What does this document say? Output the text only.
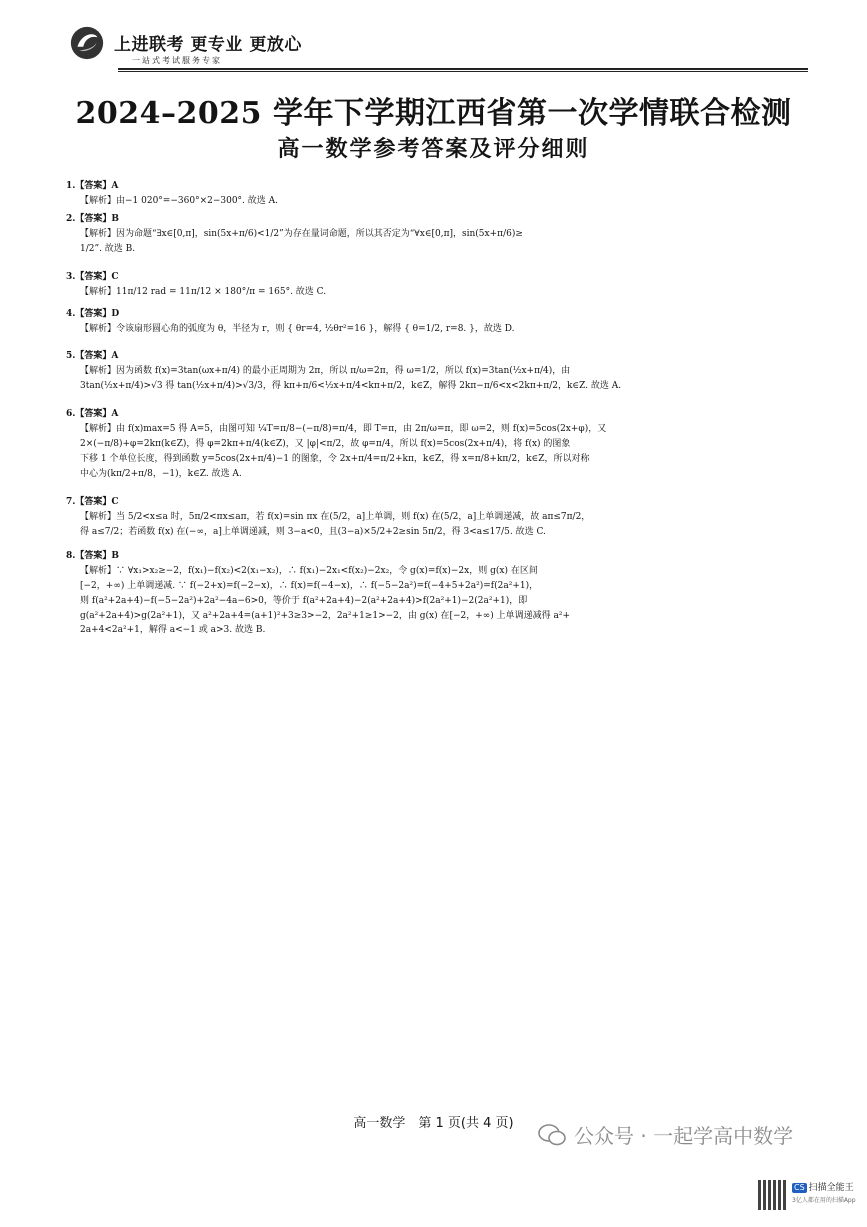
上进联考 更专业 更放心
一站式考试服务专家
2024–2025 学年下学期江西省第一次学情联合检测
高一数学参考答案及评分细则
1.【答案】A
【解析】由−1 020°=−360°×2−300°. 故选 A.
2.【答案】B
【解析】因为命题“∃x∈[0,π]，sin(5x+π/6)<1/2”为存在量词命题，所以其否定为“∀x∈[0,π]，sin(5x+π/6)≥
1/2”. 故选 B.
3.【答案】C
【解析】11π/12 rad = 11π/12 × 180°/π = 165°. 故选 C.
4.【答案】D
【解析】令该扇形圆心角的弧度为 θ，半径为 r，则 { θr=4, ½θr²=16 }，解得 { θ=1/2, r=8. }，故选 D.
5.【答案】A
【解析】因为函数 f(x)=3tan(ωx+π/4) 的最小正周期为 2π，所以 π/ω=2π，得 ω=1/2，所以 f(x)=3tan(½x+π/4)，由
3tan(½x+π/4)>√3 得 tan(½x+π/4)>√3/3，得 kπ+π/6<½x+π/4<kπ+π/2，k∈Z，解得 2kπ−π/6<x<2kπ+π/2，k∈Z. 故选 A.
6.【答案】A
【解析】由 f(x)max=5 得 A=5，由图可知 ¼T=π/8−(−π/8)=π/4，即 T=π，由 2π/ω=π，即 ω=2，则 f(x)=5cos(2x+φ)，又
2×(−π/8)+φ=2kπ(k∈Z)，得 φ=2kπ+π/4(k∈Z)，又 |φ|<π/2，故 φ=π/4，所以 f(x)=5cos(2x+π/4)，将 f(x) 的图象
下移 1 个单位长度，得到函数 y=5cos(2x+π/4)−1 的图象，令 2x+π/4=π/2+kπ，k∈Z，得 x=π/8+kπ/2，k∈Z，所以对称
中心为(kπ/2+π/8，−1)，k∈Z. 故选 A.
7.【答案】C
【解析】当 5/2<x≤a 时，5π/2<πx≤aπ，若 f(x)=sin πx 在(5/2，a]上单调，则 f(x) 在(5/2，a]上单调递减，故 aπ≤7π/2，
得 a≤7/2；若函数 f(x) 在(−∞，a]上单调递减，则 3−a<0，且(3−a)×5/2+2≥sin 5π/2，得 3<a≤17/5. 故选 C.
8.【答案】B
【解析】∵ ∀x₁>x₂≥−2，f(x₁)−f(x₂)<2(x₁−x₂)，∴ f(x₁)−2x₁<f(x₂)−2x₂，令 g(x)=f(x)−2x，则 g(x) 在区间
[−2，+∞) 上单调递减. ∵ f(−2+x)=f(−2−x)，∴ f(x)=f(−4−x)，∴ f(−5−2a²)=f(−4+5+2a²)=f(2a²+1)，
则 f(a²+2a+4)−f(−5−2a²)+2a²−4a−6>0，等价于 f(a²+2a+4)−2(a²+2a+4)>f(2a²+1)−2(2a²+1)，即
g(a²+2a+4)>g(2a²+1)，又 a²+2a+4=(a+1)²+3≥3>−2，2a²+1≥1>−2，由 g(x) 在[−2，+∞) 上单调递减得 a²+
2a+4<2a²+1，解得 a<−1 或 a>3. 故选 B.
高一数学　第 1 页(共 4 页)
公众号 · 一起学高中数学
CS 扫描全能王
3亿人都在用的扫描App
